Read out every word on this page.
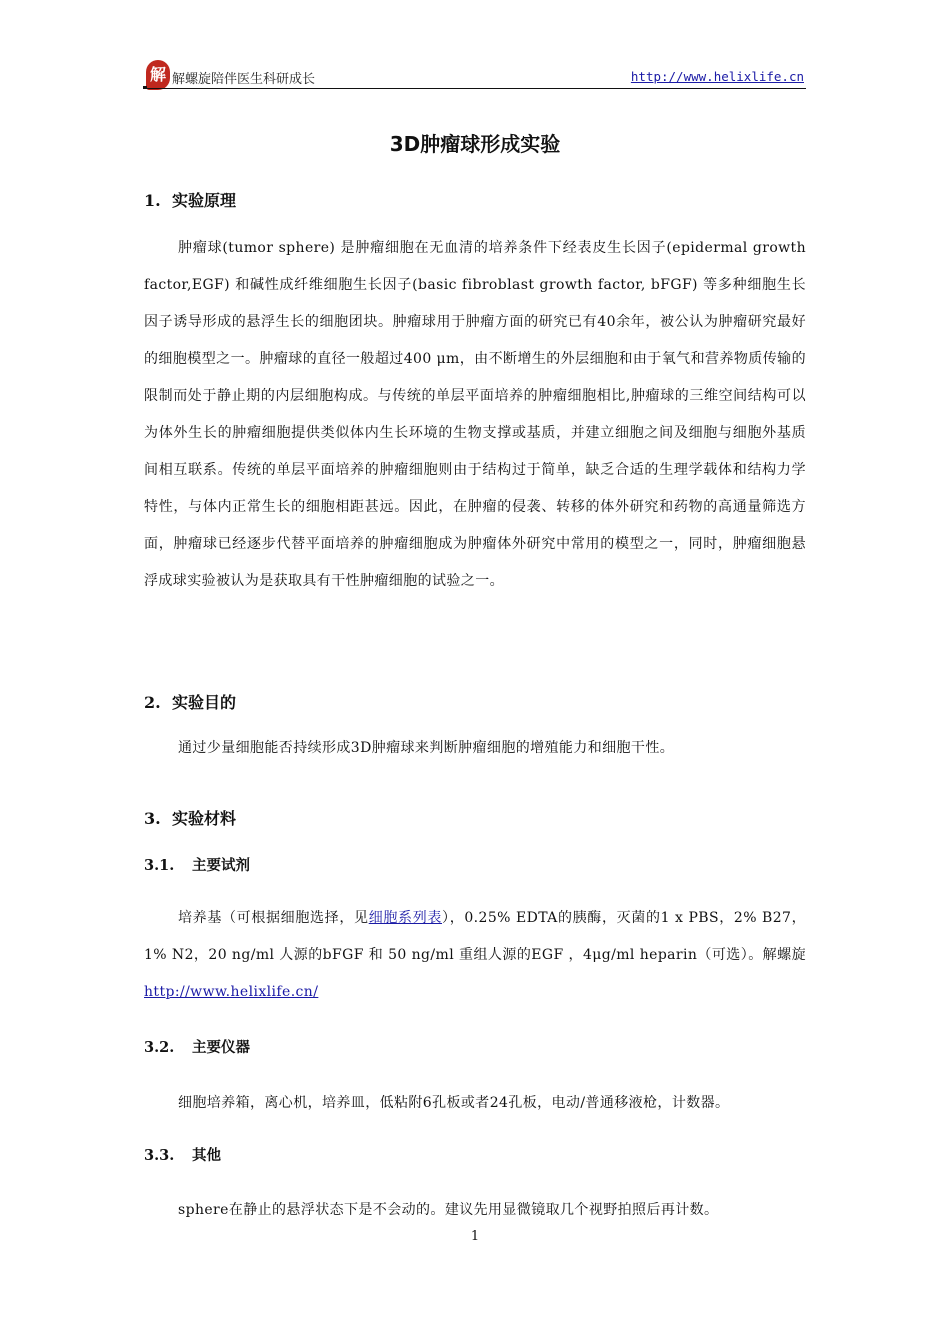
解 解螺旋陪伴医生科研成长	http://www.helixlife.cn
3D肿瘤球形成实验
1. 实验原理
肿瘤球(tumor sphere) 是肿瘤细胞在无血清的培养条件下经表皮生长因子(epidermal growth factor,EGF) 和碱性成纤维细胞生长因子(basic fibroblast growth factor, bFGF) 等多种细胞生长因子诱导形成的悬浮生长的细胞团块。肿瘤球用于肿瘤方面的研究已有40余年，被公认为肿瘤研究最好的细胞模型之一。肿瘤球的直径一般超过400 μm，由不断增生的外层细胞和由于氧气和营养物质传输的限制而处于静止期的内层细胞构成。与传统的单层平面培养的肿瘤细胞相比,肿瘤球的三维空间结构可以为体外生长的肿瘤细胞提供类似体内生长环境的生物支撑或基质，并建立细胞之间及细胞与细胞外基质间相互联系。传统的单层平面培养的肿瘤细胞则由于结构过于简单，缺乏合适的生理学载体和结构力学特性，与体内正常生长的细胞相距甚远。因此，在肿瘤的侵袭、转移的体外研究和药物的高通量筛选方面，肿瘤球已经逐步代替平面培养的肿瘤细胞成为肿瘤体外研究中常用的模型之一，同时，肿瘤细胞悬浮成球实验被认为是获取具有干性肿瘤细胞的试验之一。
2. 实验目的
通过少量细胞能否持续形成3D肿瘤球来判断肿瘤细胞的增殖能力和细胞干性。
3. 实验材料
3.1. 主要试剂
培养基（可根据细胞选择，见细胞系列表），0.25% EDTA的胰酶，灭菌的1 x PBS，2% B27， 1% N2，20 ng/ml 人源的bFGF 和 50 ng/ml 重组人源的EGF ，4μg/ml heparin（可选）。解螺旋 http://www.helixlife.cn/
3.2. 主要仪器
细胞培养箱，离心机，培养皿，低粘附6孔板或者24孔板，电动/普通移液枪，计数器。
3.3. 其他
sphere在静止的悬浮状态下是不会动的。建议先用显微镜取几个视野拍照后再计数。
1
